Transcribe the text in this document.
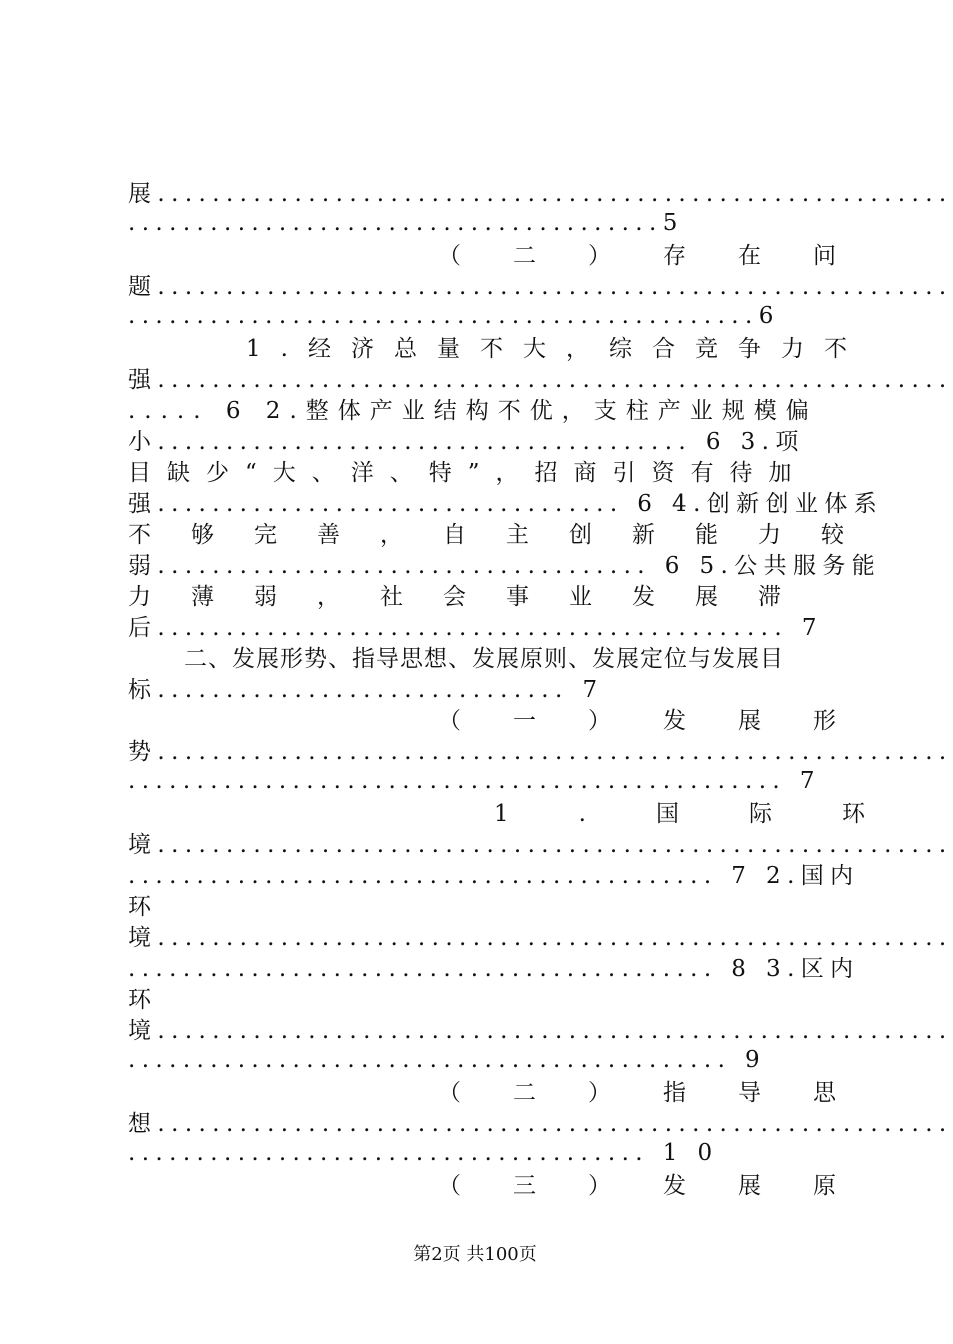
展..........................................................
.......................................5
（二）存在问
题..........................................................
..............................................6
1.经济总量不大，综合竞争力不
强..........................................................
..... 6 2.整体产业结构不优，支柱产业规模偏
小....................................... 6 3.项
目缺少“大、洋、特”，招商引资有待加
强.................................. 6 4.创新创业体系
不够完善，自主创新能力较
弱.................................... 6 5.公共服务能
力薄弱，社会事业发展滞
后.............................................. 7
二、发展形势、指导思想、发展原则、发展定位与发展目
标.............................. 7
（一）发展形
势..........................................................
................................................ 7
1.国际环
境..........................................................
........................................... 7 2.国内
环
境..........................................................
........................................... 8 3.区内
环
境..........................................................
............................................ 9
（二）指导思
想..........................................................
...................................... 1 0
（三）发展原
第2页 共100页
